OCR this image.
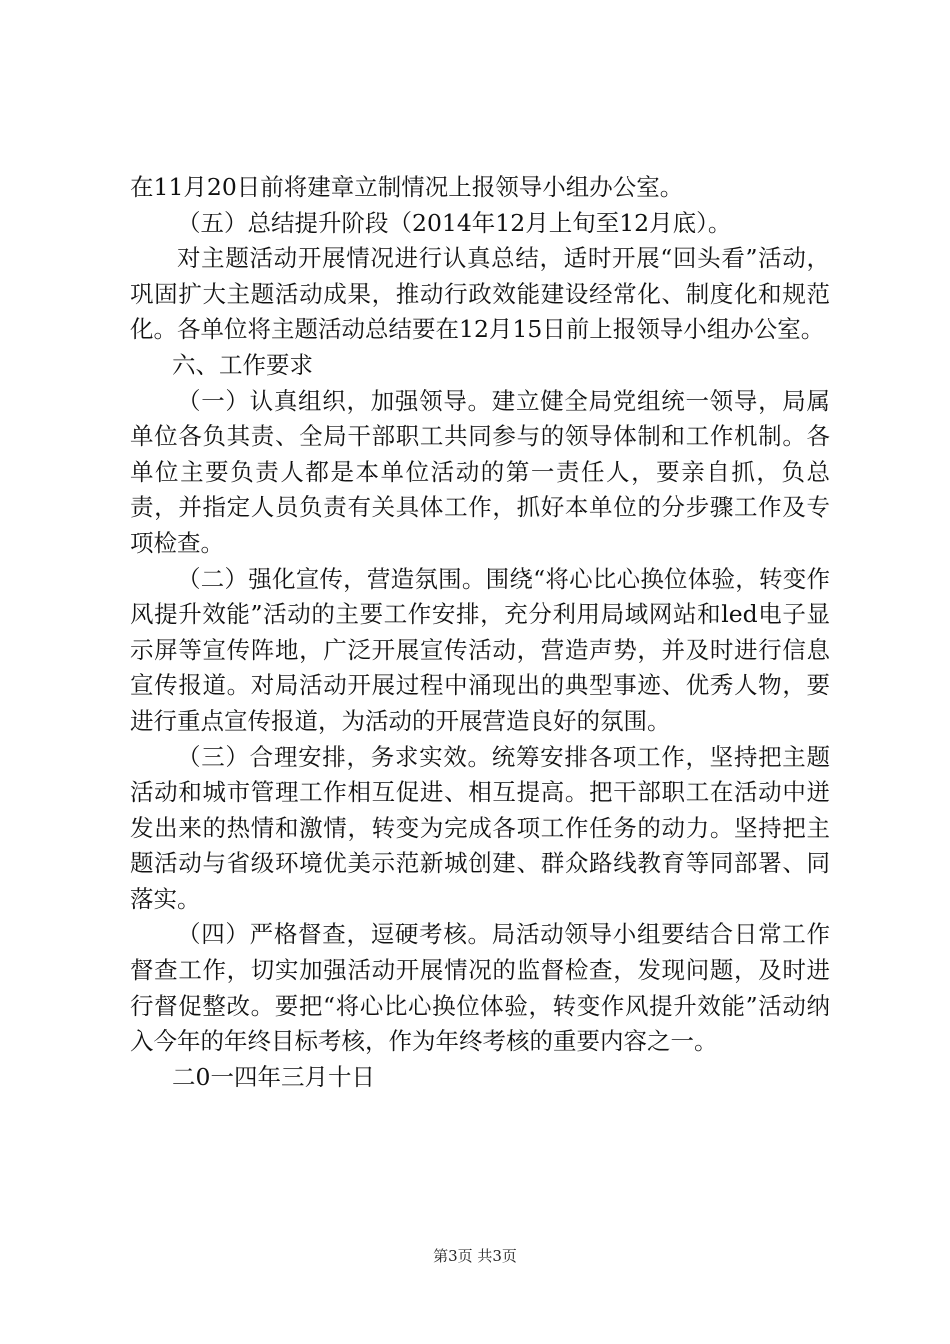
在11月20日前将建章立制情况上报领导小组办公室。

（五）总结提升阶段（2014年12月上旬至12月底）。

对主题活动开展情况进行认真总结，适时开展“回头看”活动，巩固扩大主题活动成果，推动行政效能建设经常化、制度化和规范化。各单位将主题活动总结要在12月15日前上报领导小组办公室。

六、工作要求

（一）认真组织，加强领导。建立健全局党组统一领导，局属单位各负其责、全局干部职工共同参与的领导体制和工作机制。各单位主要负责人都是本单位活动的第一责任人，要亲自抓，负总责，并指定人员负责有关具体工作，抓好本单位的分步骤工作及专项检查。

（二）强化宣传，营造氛围。围绕“将心比心换位体验，转变作风提升效能”活动的主要工作安排，充分利用局域网站和led电子显示屏等宣传阵地，广泛开展宣传活动，营造声势，并及时进行信息宣传报道。对局活动开展过程中涌现出的典型事迹、优秀人物，要进行重点宣传报道，为活动的开展营造良好的氛围。

（三）合理安排，务求实效。统筹安排各项工作，坚持把主题活动和城市管理工作相互促进、相互提高。把干部职工在活动中迸发出来的热情和激情，转变为完成各项工作任务的动力。坚持把主题活动与省级环境优美示范新城创建、群众路线教育等同部署、同落实。

（四）严格督查，逗硬考核。局活动领导小组要结合日常工作督查工作，切实加强活动开展情况的监督检查，发现问题，及时进行督促整改。要把“将心比心换位体验，转变作风提升效能”活动纳入今年的年终目标考核，作为年终考核的重要内容之一。

二0一四年三月十日

第3页 共3页
